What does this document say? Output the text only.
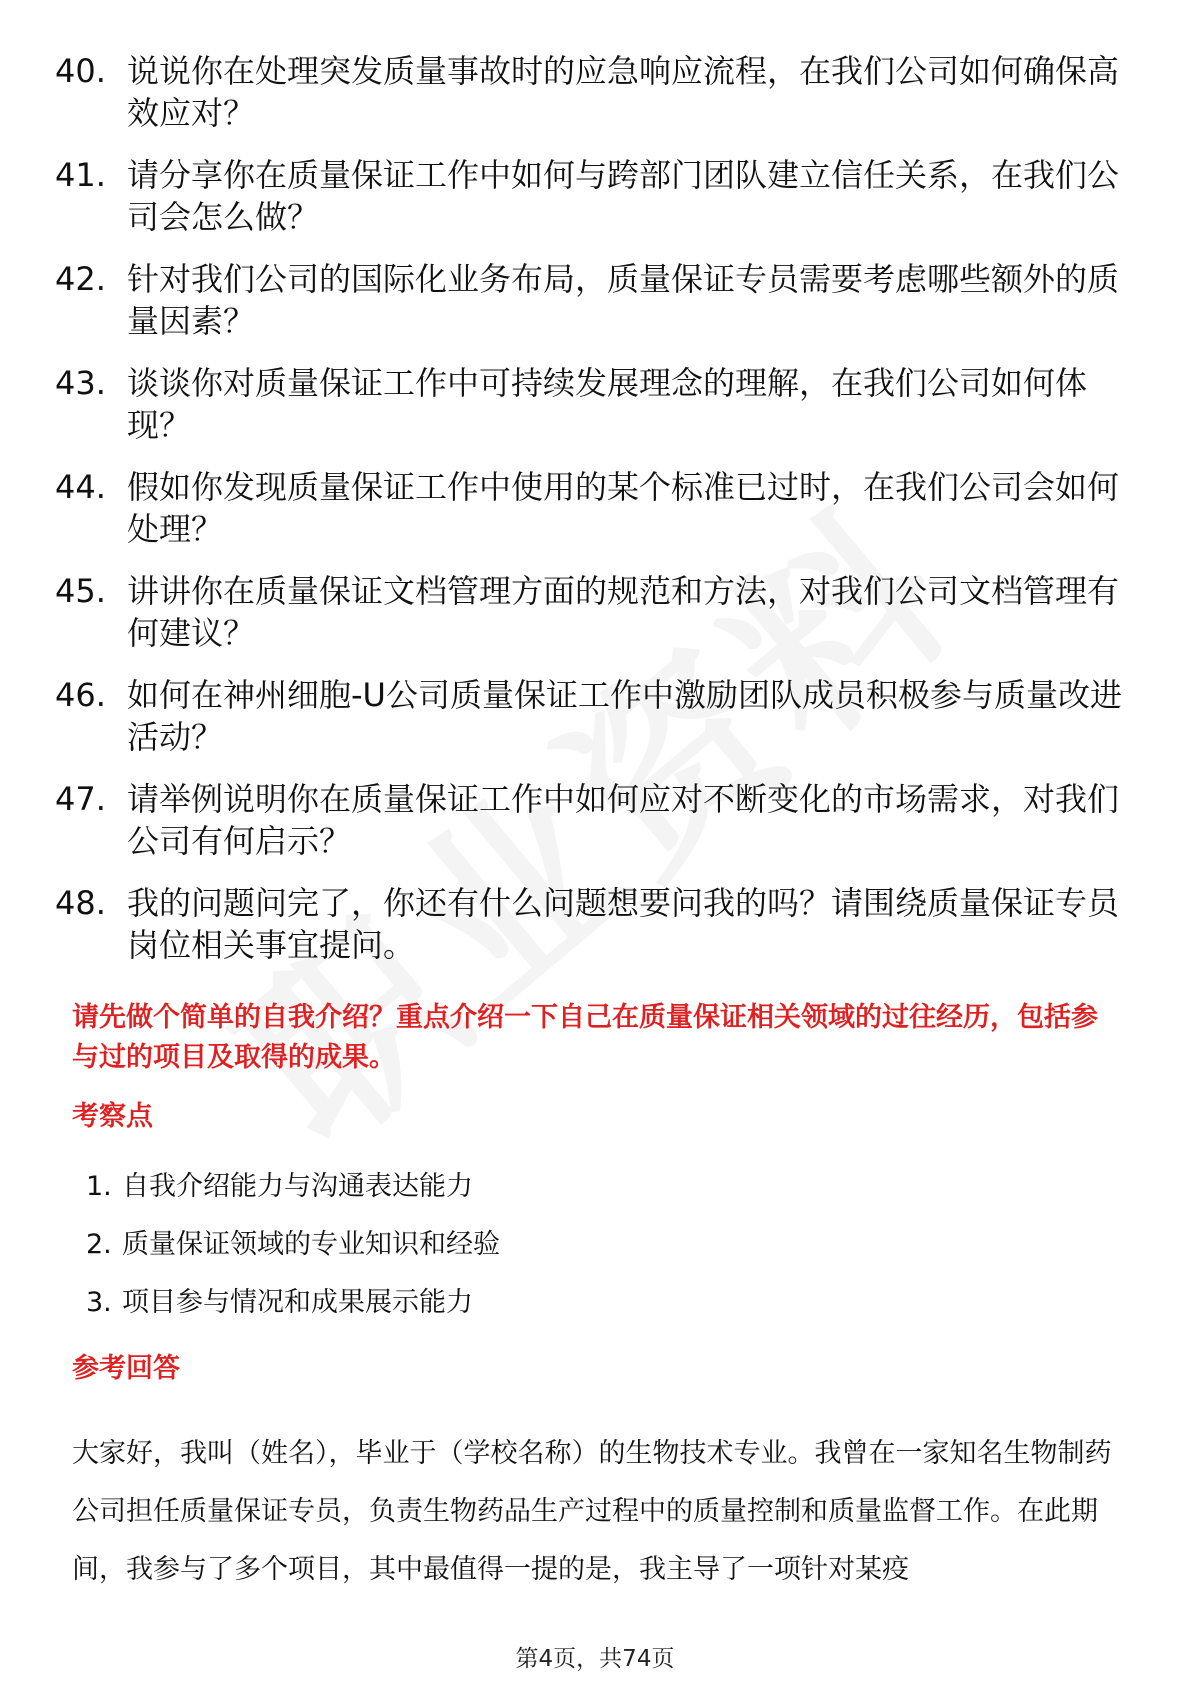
40. 说说你在处理突发质量事故时的应急响应流程，在我们公司如何确保高效应对？
41. 请分享你在质量保证工作中如何与跨部门团队建立信任关系，在我们公司会怎么做？
42. 针对我们公司的国际化业务布局，质量保证专员需要考虑哪些额外的质量因素？
43. 谈谈你对质量保证工作中可持续发展理念的理解，在我们公司如何体现？
44. 假如你发现质量保证工作中使用的某个标准已过时，在我们公司会如何处理？
45. 讲讲你在质量保证文档管理方面的规范和方法，对我们公司文档管理有何建议？
46. 如何在神州细胞-U公司质量保证工作中激励团队成员积极参与质量改进活动？
47. 请举例说明你在质量保证工作中如何应对不断变化的市场需求，对我们公司有何启示？
48. 我的问题问完了，你还有什么问题想要问我的吗？请围绕质量保证专员岗位相关事宜提问。

请先做个简单的自我介绍？重点介绍一下自己在质量保证相关领域的过往经历，包括参与过的项目及取得的成果。

考察点
1. 自我介绍能力与沟通表达能力
2. 质量保证领域的专业知识和经验
3. 项目参与情况和成果展示能力
参考回答

大家好，我叫（姓名），毕业于（学校名称）的生物技术专业。我曾在一家知名生物制药公司担任质量保证专员，负责生物药品生产过程中的质量控制和质量监督工作。在此期间，我参与了多个项目，其中最值得一提的是，我主导了一项针对某疫

第4页，共74页
